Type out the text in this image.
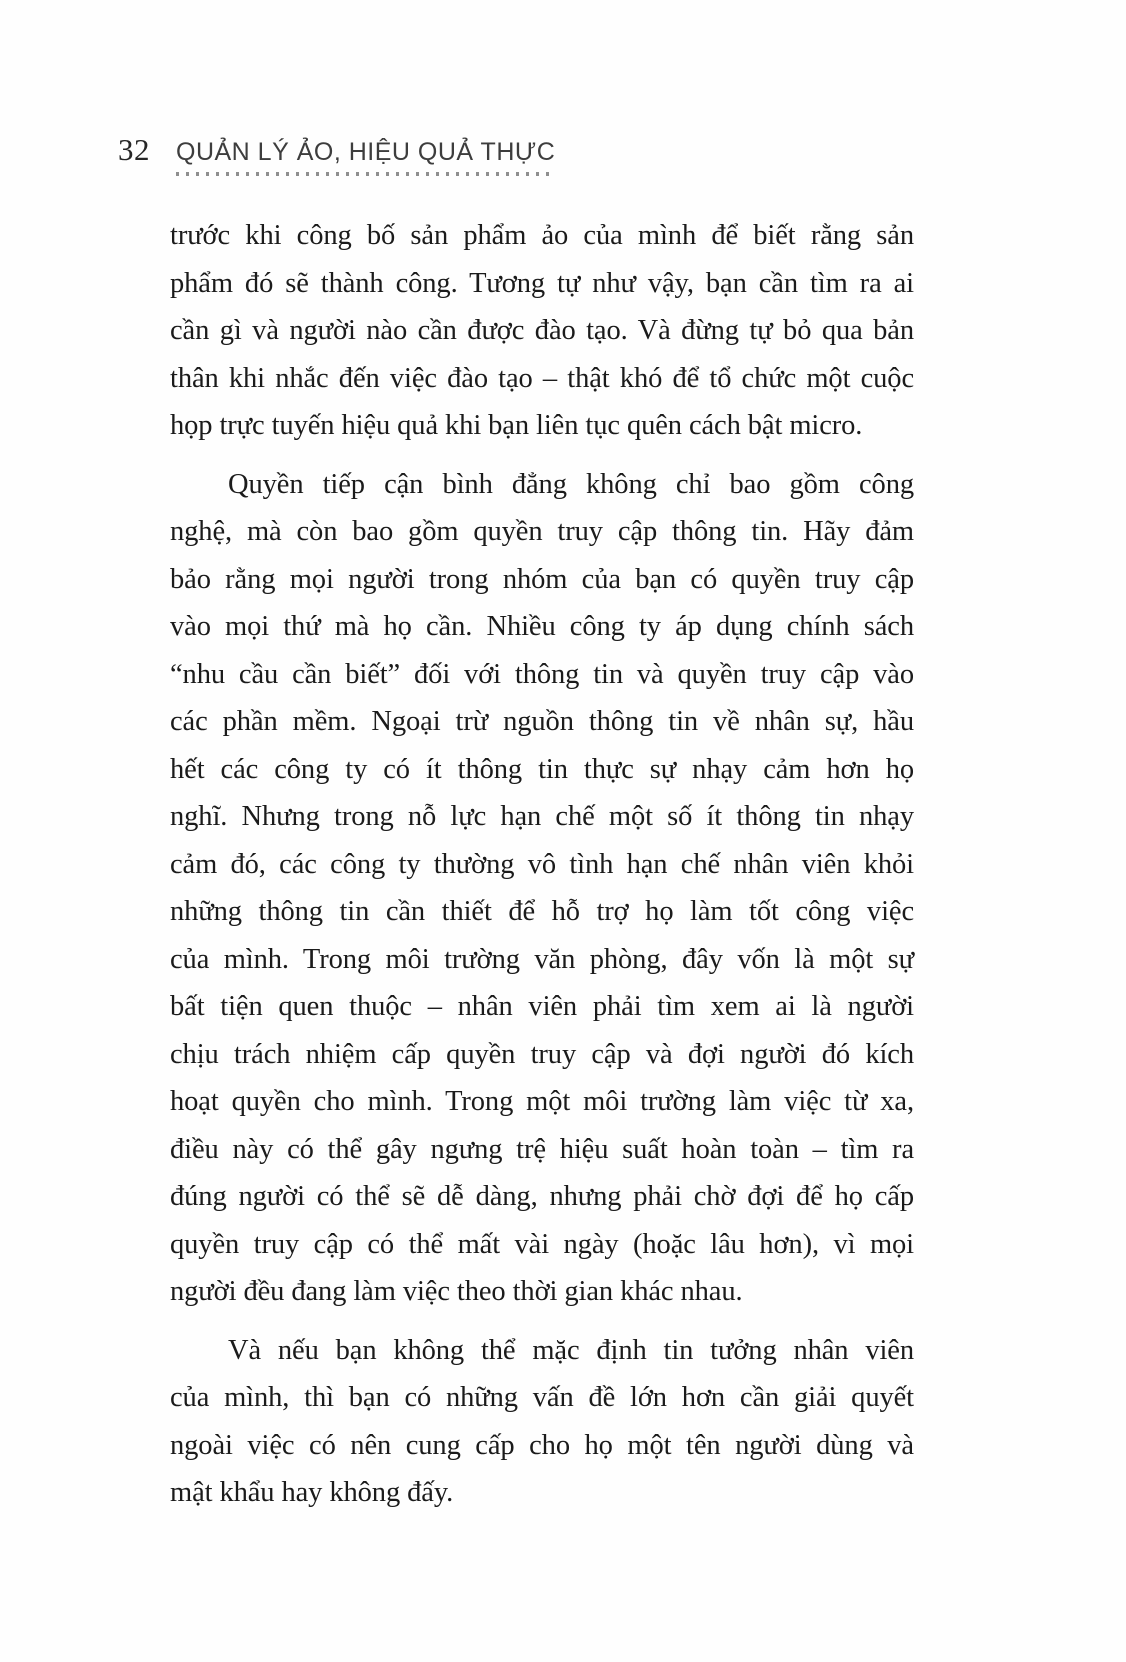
32 QUẢN LÝ ẢO, HIỆU QUẢ THỰC
trước khi công bố sản phẩm ảo của mình để biết rằng sản
phẩm đó sẽ thành công. Tương tự như vậy, bạn cần tìm ra ai
cần gì và người nào cần được đào tạo. Và đừng tự bỏ qua bản
thân khi nhắc đến việc đào tạo – thật khó để tổ chức một cuộc
họp trực tuyến hiệu quả khi bạn liên tục quên cách bật micro.
Quyền tiếp cận bình đẳng không chỉ bao gồm công
nghệ, mà còn bao gồm quyền truy cập thông tin. Hãy đảm
bảo rằng mọi người trong nhóm của bạn có quyền truy cập
vào mọi thứ mà họ cần. Nhiều công ty áp dụng chính sách
“nhu cầu cần biết” đối với thông tin và quyền truy cập vào
các phần mềm. Ngoại trừ nguồn thông tin về nhân sự, hầu
hết các công ty có ít thông tin thực sự nhạy cảm hơn họ
nghĩ. Nhưng trong nỗ lực hạn chế một số ít thông tin nhạy
cảm đó, các công ty thường vô tình hạn chế nhân viên khỏi
những thông tin cần thiết để hỗ trợ họ làm tốt công việc
của mình. Trong môi trường văn phòng, đây vốn là một sự
bất tiện quen thuộc – nhân viên phải tìm xem ai là người
chịu trách nhiệm cấp quyền truy cập và đợi người đó kích
hoạt quyền cho mình. Trong một môi trường làm việc từ xa,
điều này có thể gây ngưng trệ hiệu suất hoàn toàn – tìm ra
đúng người có thể sẽ dễ dàng, nhưng phải chờ đợi để họ cấp
quyền truy cập có thể mất vài ngày (hoặc lâu hơn), vì mọi
người đều đang làm việc theo thời gian khác nhau.
Và nếu bạn không thể mặc định tin tưởng nhân viên
của mình, thì bạn có những vấn đề lớn hơn cần giải quyết
ngoài việc có nên cung cấp cho họ một tên người dùng và
mật khẩu hay không đấy.
